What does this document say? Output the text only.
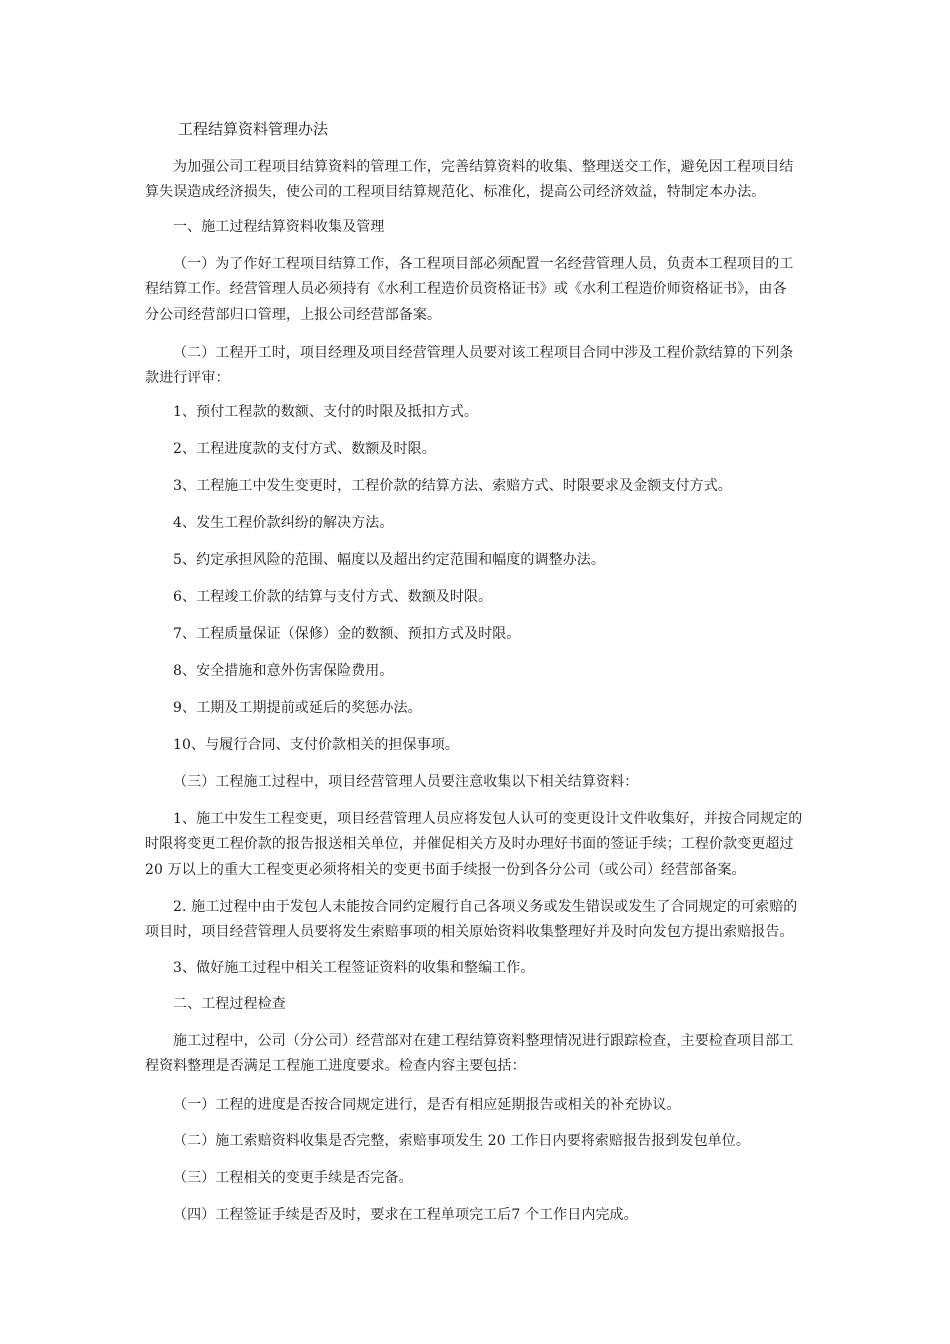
工程结算资料管理办法

为加强公司工程项目结算资料的管理工作，完善结算资料的收集、整理送交工作，避免因工程项目结

算失误造成经济损失，使公司的工程项目结算规范化、标准化，提高公司经济效益，特制定本办法。

一、施工过程结算资料收集及管理

（一）为了作好工程项目结算工作，各工程项目部必须配置一名经营管理人员，负责本工程项目的工

程结算工作。经营管理人员必须持有《水利工程造价员资格证书》或《水利工程造价师资格证书》，由各

分公司经营部归口管理，上报公司经营部备案。

（二）工程开工时，项目经理及项目经营管理人员要对该工程项目合同中涉及工程价款结算的下列条

款进行评审：

1、预付工程款的数额、支付的时限及抵扣方式。

2、工程进度款的支付方式、数额及时限。

3、工程施工中发生变更时，工程价款的结算方法、索赔方式、时限要求及金额支付方式。

4、发生工程价款纠纷的解决方法。

5、约定承担风险的范围、幅度以及超出约定范围和幅度的调整办法。

6、工程竣工价款的结算与支付方式、数额及时限。

7、工程质量保证（保修）金的数额、预扣方式及时限。

8、安全措施和意外伤害保险费用。

9、工期及工期提前或延后的奖惩办法。

10、与履行合同、支付价款相关的担保事项。

（三）工程施工过程中，项目经营管理人员要注意收集以下相关结算资料：

1、施工中发生工程变更，项目经营管理人员应将发包人认可的变更设计文件收集好，并按合同规定的

时限将变更工程价款的报告报送相关单位，并催促相关方及时办理好书面的签证手续；工程价款变更超过

20 万以上的重大工程变更必须将相关的变更书面手续报一份到各分公司（或公司）经营部备案。

2. 施工过程中由于发包人未能按合同约定履行自己各项义务或发生错误或发生了合同规定的可索赔的

项目时，项目经营管理人员要将发生索赔事项的相关原始资料收集整理好并及时向发包方提出索赔报告。

3、做好施工过程中相关工程签证资料的收集和整编工作。

二、工程过程检查

施工过程中，公司（分公司）经营部对在建工程结算资料整理情况进行跟踪检查，主要检查项目部工

程资料整理是否满足工程施工进度要求。检查内容主要包括：

（一）工程的进度是否按合同规定进行，是否有相应延期报告或相关的补充协议。

（二）施工索赔资料收集是否完整，索赔事项发生 20 工作日内要将索赔报告报到发包单位。

（三）工程相关的变更手续是否完备。

（四）工程签证手续是否及时，要求在工程单项完工后7 个工作日内完成。
